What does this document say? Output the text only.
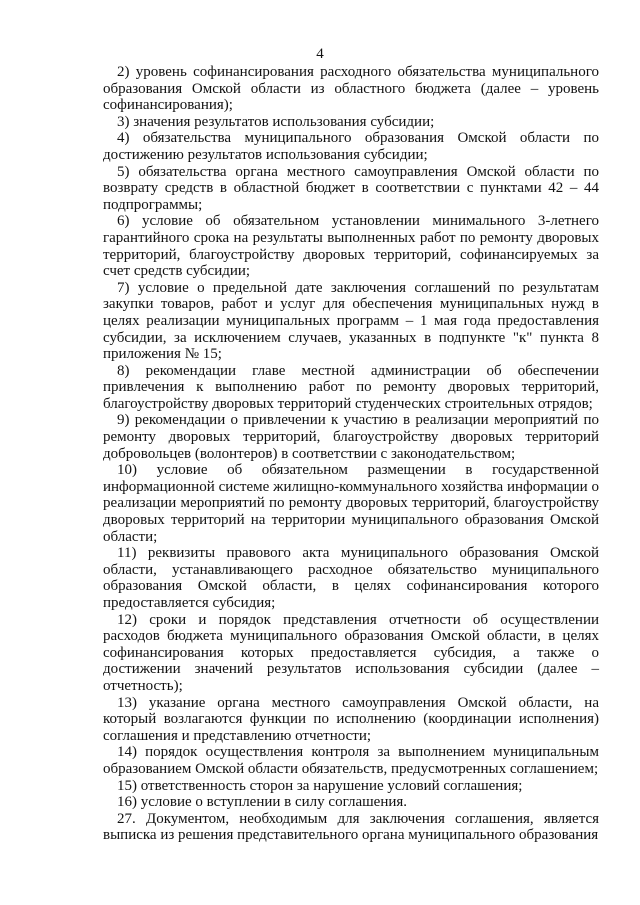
4

2) уровень софинансирования расходного обязательства муниципального образования Омской области из областного бюджета (далее – уровень софинансирования);

3) значения результатов использования субсидии;

4) обязательства муниципального образования Омской области по достижению результатов использования субсидии;

5) обязательства органа местного самоуправления Омской области по возврату средств в областной бюджет в соответствии с пунктами 42 – 44 подпрограммы;

6) условие об обязательном установлении минимального 3-летнего гарантийного срока на результаты выполненных работ по ремонту дворовых территорий, благоустройству дворовых территорий, софинансируемых за счет средств субсидии;

7) условие о предельной дате заключения соглашений по результатам закупки товаров, работ и услуг для обеспечения муниципальных нужд в целях реализации муниципальных программ – 1 мая года предоставления субсидии, за исключением случаев, указанных в подпункте "к" пункта 8 приложения № 15;

8) рекомендации главе местной администрации об обеспечении привлечения к выполнению работ по ремонту дворовых территорий, благоустройству дворовых территорий студенческих строительных отрядов;

9) рекомендации о привлечении к участию в реализации мероприятий по ремонту дворовых территорий, благоустройству дворовых территорий добровольцев (волонтеров) в соответствии с законодательством;

10) условие об обязательном размещении в государственной информационной системе жилищно-коммунального хозяйства информации о реализации мероприятий по ремонту дворовых территорий, благоустройству дворовых территорий на территории муниципального образования Омской области;

11) реквизиты правового акта муниципального образования Омской области, устанавливающего расходное обязательство муниципального образования Омской области, в целях софинансирования которого предоставляется субсидия;

12) сроки и порядок представления отчетности об осуществлении расходов бюджета муниципального образования Омской области, в целях софинансирования которых предоставляется субсидия, а также о достижении значений результатов использования субсидии (далее – отчетность);

13) указание органа местного самоуправления Омской области, на который возлагаются функции по исполнению (координации исполнения) соглашения и представлению отчетности;

14) порядок осуществления контроля за выполнением муниципальным образованием Омской области обязательств, предусмотренных соглашением;

15) ответственность сторон за нарушение условий соглашения;

16) условие о вступлении в силу соглашения.

27. Документом, необходимым для заключения соглашения, является выписка из решения представительного органа муниципального образования
